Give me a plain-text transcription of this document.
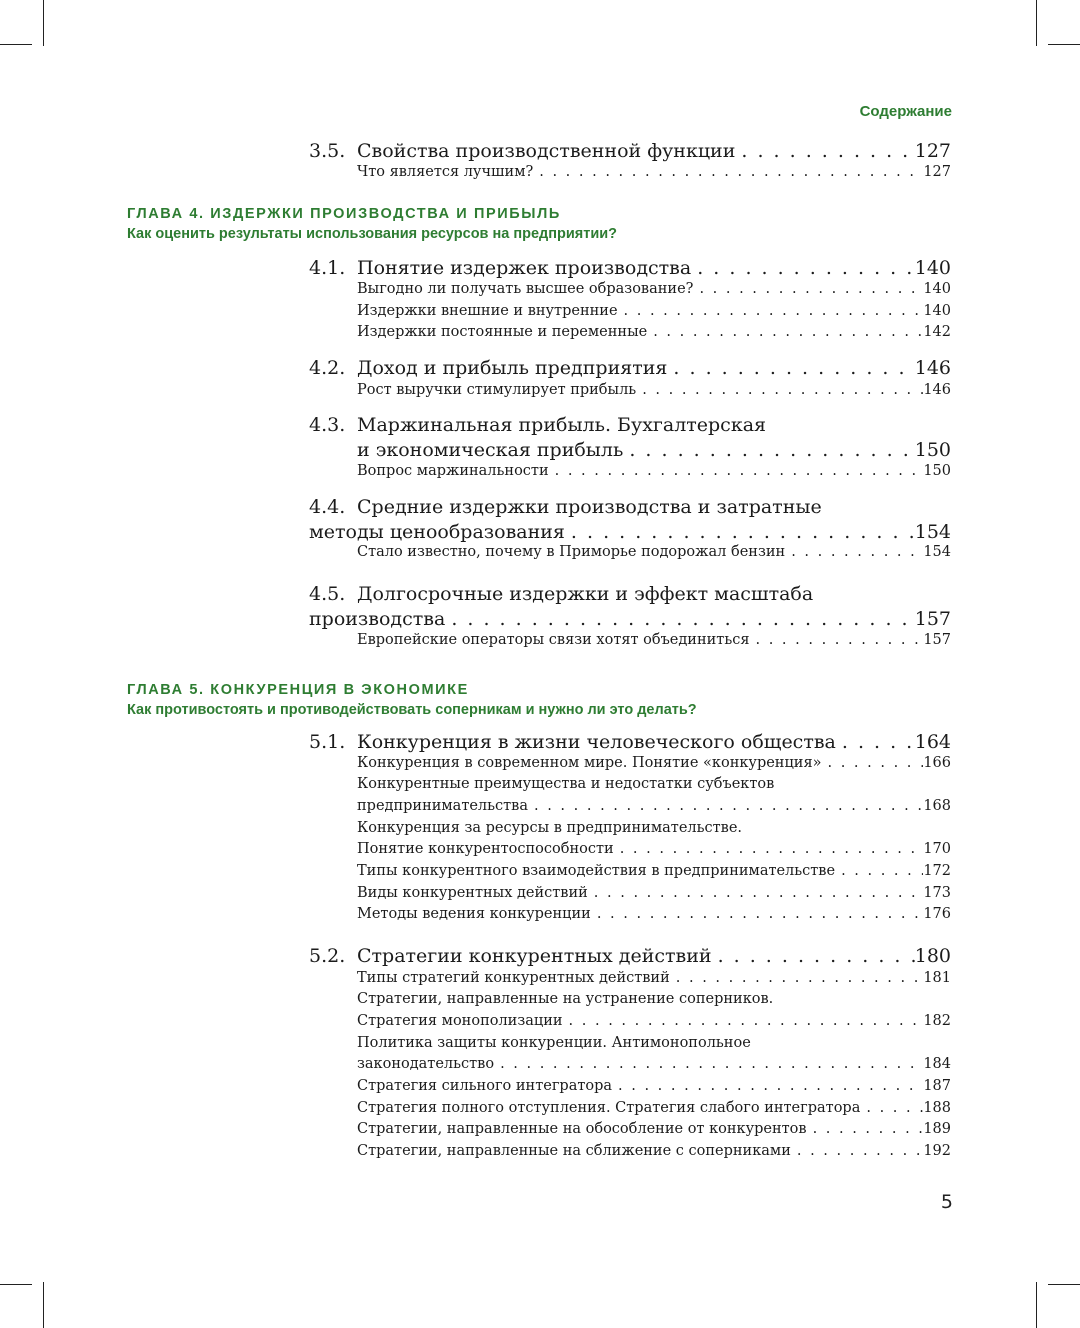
Содержание
3.5. Свойства производственной функции . . .	127
Что является лучшим? . . .	127
ГЛАВА 4. ИЗДЕРЖКИ ПРОИЗВОДСТВА И ПРИБЫЛЬ
Как оценить результаты использования ресурсов на предприятии?
4.1. Понятие издержек производства . . .	140
Выгодно ли получать высшее образование? . . .	140
Издержки внешние и внутренние . . .	140
Издержки постоянные и переменные . . .	142
4.2. Доход и прибыль предприятия . . .	146
Рост выручки стимулирует прибыль . . .	146
4.3. Маржинальная прибыль. Бухгалтерская
и экономическая прибыль . . .	150
Вопрос маржинальности . . .	150
4.4. Средние издержки производства и затратные
методы ценообразования . . .	154
Стало известно, почему в Приморье подорожал бензин . . .	154
4.5. Долгосрочные издержки и эффект масштаба
производства . . .	157
Европейские операторы связи хотят объединиться . . .	157
ГЛАВА 5. КОНКУРЕНЦИЯ В ЭКОНОМИКЕ
Как противостоять и противодействовать соперникам и нужно ли это делать?
5.1. Конкуренция в жизни человеческого общества . . .	164
Конкуренция в современном мире. Понятие «конкуренция» . . .	166
Конкурентные преимущества и недостатки субъектов
предпринимательства . . .	168
Конкуренция за ресурсы в предпринимательстве.
Понятие конкурентоспособности . . .	170
Типы конкурентного взаимодействия в предпринимательстве . . .	172
Виды конкурентных действий . . .	173
Методы ведения конкуренции . . .	176
5.2. Стратегии конкурентных действий . . .	180
Типы стратегий конкурентных действий . . .	181
Стратегии, направленные на устранение соперников.
Стратегия монополизации . . .	182
Политика защиты конкуренции. Антимонопольное
законодательство . . .	184
Стратегия сильного интегратора . . .	187
Стратегия полного отступления. Стратегия слабого интегратора . . .	188
Стратегии, направленные на обособление от конкурентов . . .	189
Стратегии, направленные на сближение с соперниками . . .	192
5
